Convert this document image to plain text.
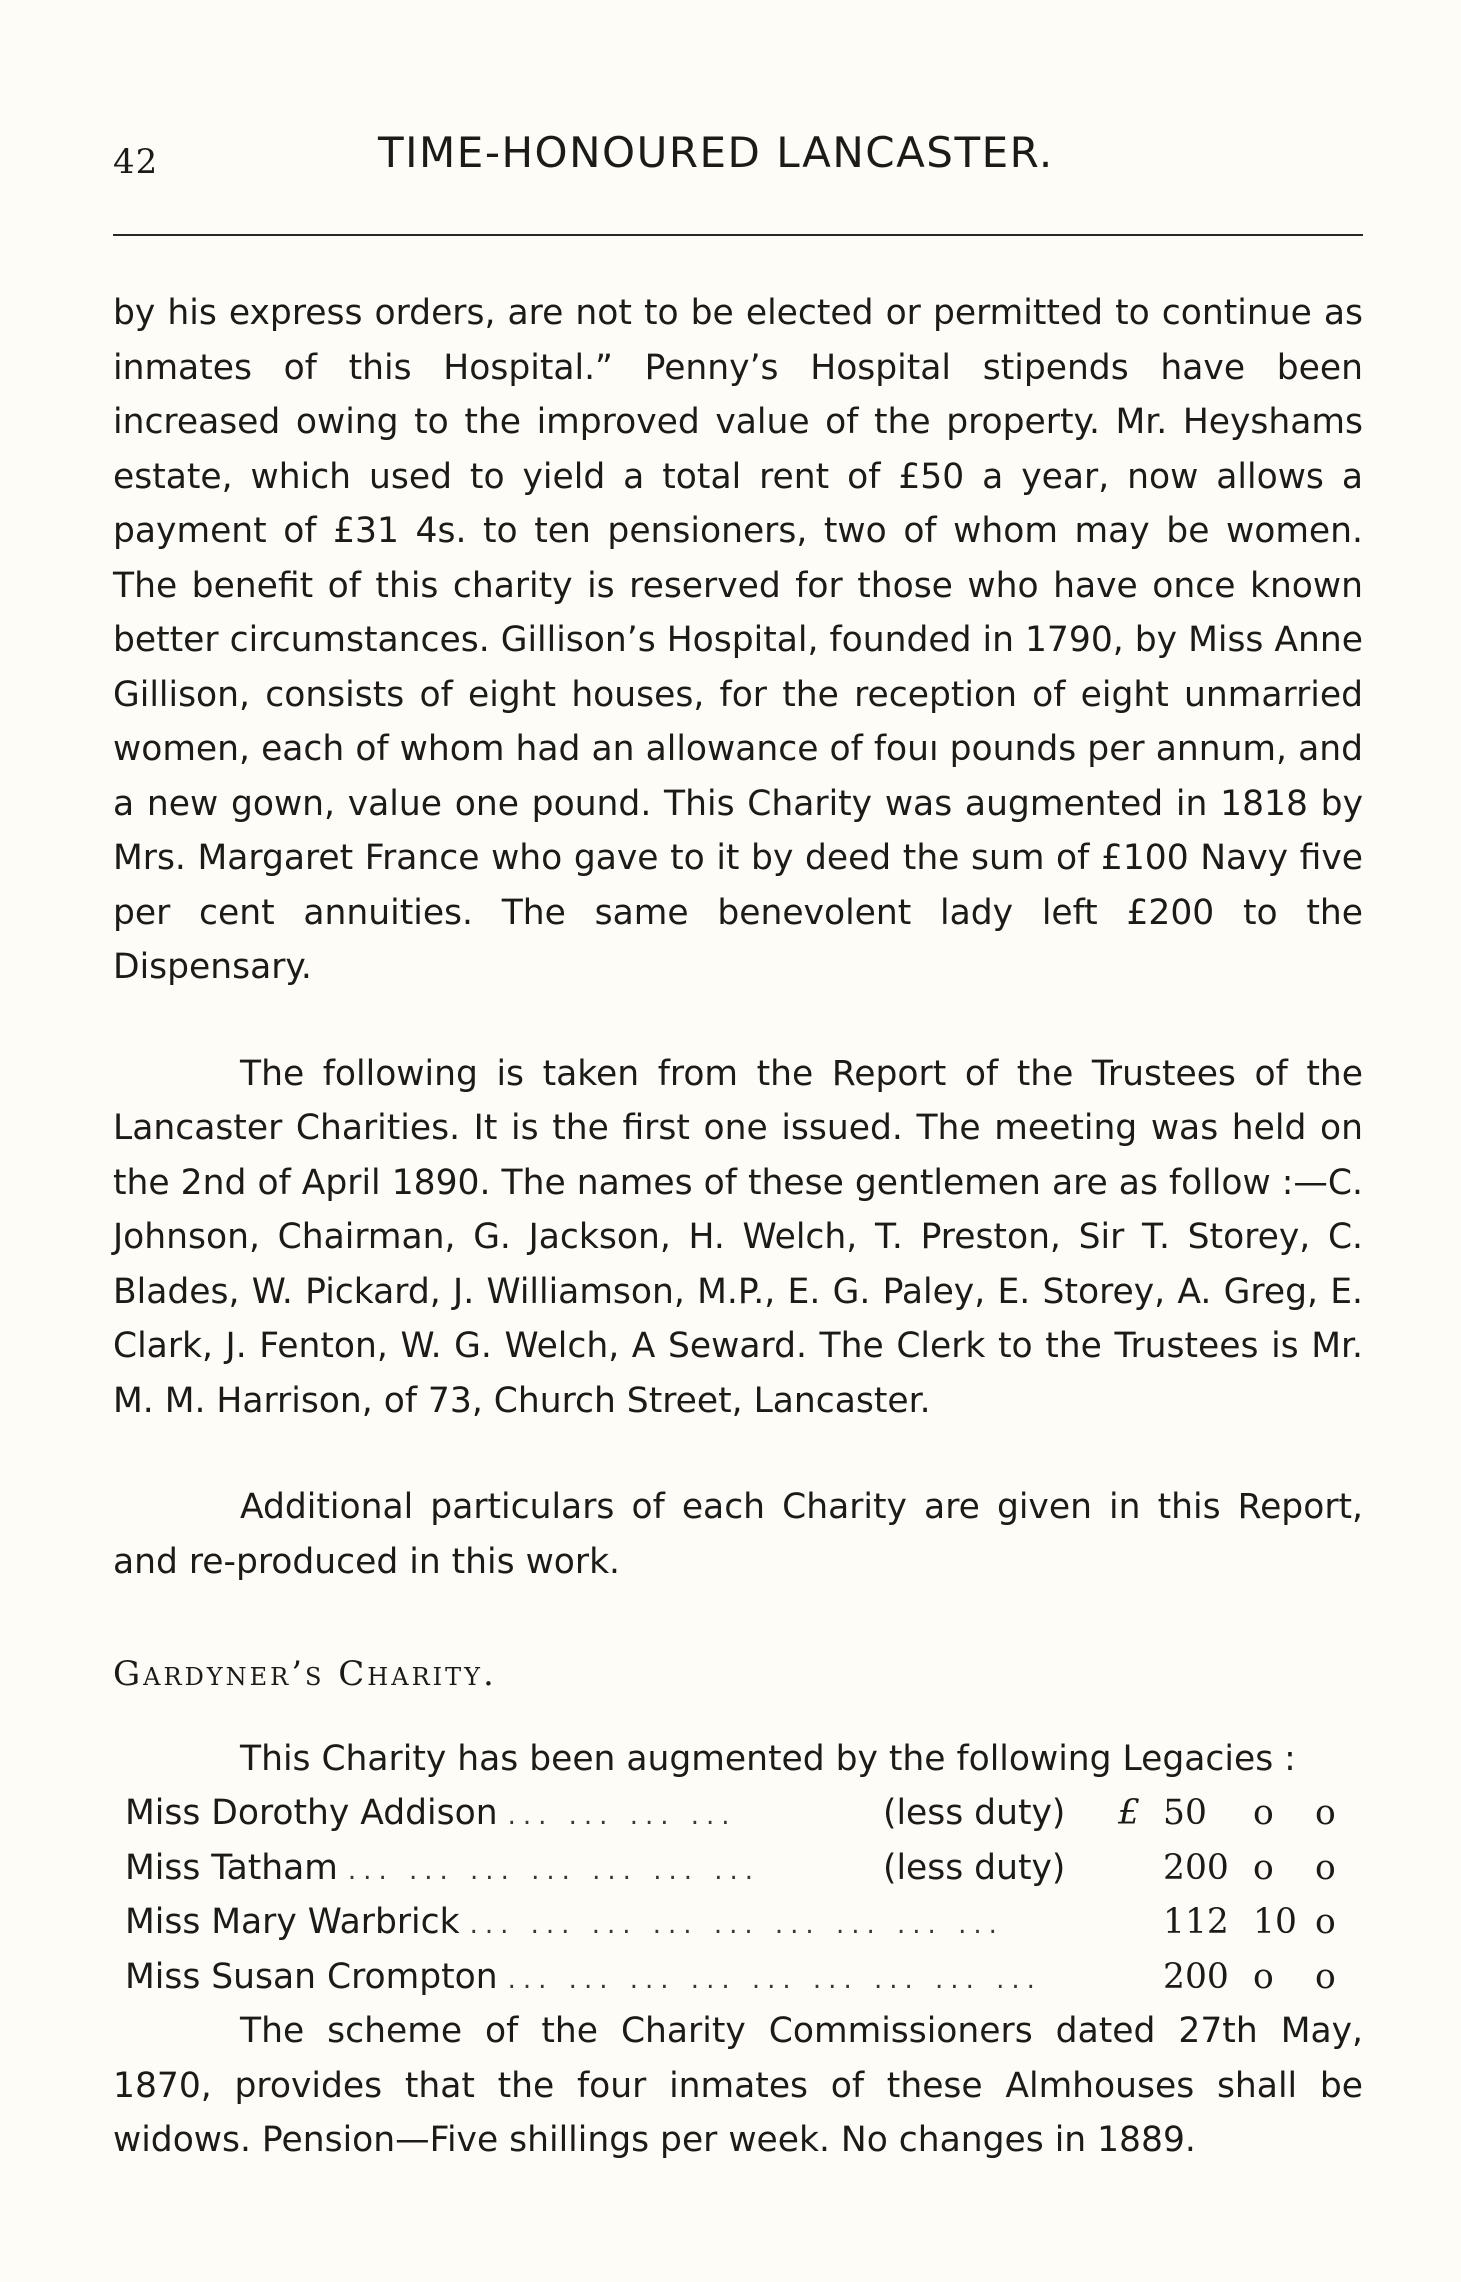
42	TIME-HONOURED LANCASTER.

by his express orders, are not to be elected or permitted to continue as inmates of this Hospital.” Penny’s Hospital stipends have been increased owing to the improved value of the property. Mr. Heyshams estate, which used to yield a total rent of £50 a year, now allows a payment of £31 4s. to ten pensioners, two of whom may be women. The benefit of this charity is reserved for those who have once known better circumstances. Gillison’s Hospital, founded in 1790, by Miss Anne Gillison, consists of eight houses, for the reception of eight unmarried women, each of whom had an allowance of fouı pounds per annum, and a new gown, value one pound. This Charity was augmented in 1818 by Mrs. Margaret France who gave to it by deed the sum of £100 Navy five per cent annuities. The same benevolent lady left £200 to the Dispensary.

The following is taken from the Report of the Trustees of the Lancaster Charities. It is the first one issued. The meeting was held on the 2nd of April 1890. The names of these gentlemen are as follow :—C. Johnson, Chairman, G. Jackson, H. Welch, T. Preston, Sir T. Storey, C. Blades, W. Pickard, J. Williamson, M.P., E. G. Paley, E. Storey, A. Greg, E. Clark, J. Fenton, W. G. Welch, A Seward. The Clerk to the Trustees is Mr. M. M. Harrison, of 73, Church Street, Lancaster.

Additional particulars of each Charity are given in this Report, and re-produced in this work.

Gardyner’s Charity.

This Charity has been augmented by the following Legacies :

Miss Dorothy Addison ... ... ... ...	(less duty)	£ 50	o	o
Miss Tatham ... ... ... ... ... ... ...	(less duty)	200 o	o
Miss Mary Warbrick ... ... ... ... ... ... ... ... ...	112 10 o
Miss Susan Crompton ... ... ... ... ... ... ... ... ...	200 o	o

The scheme of the Charity Commissioners dated 27th May, 1870, provides that the four inmates of these Almhouses shall be widows. Pension—Five shillings per week. No changes in 1889.
